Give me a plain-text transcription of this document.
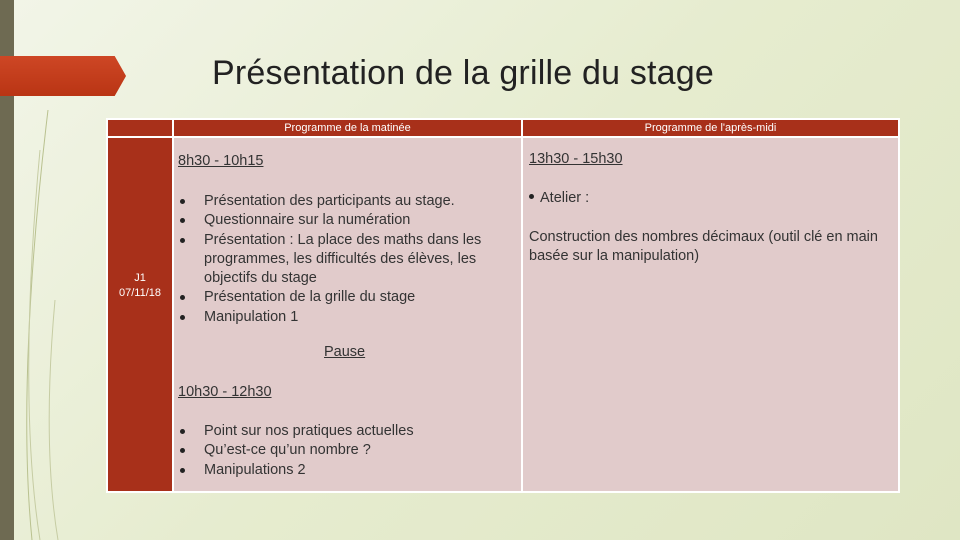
Présentation de la grille du stage
Programme de la matinée	Programme de l'après-midi
J1
07/11/18
8h30 - 10h15
Présentation des participants au stage.
Questionnaire sur la numération
Présentation : La place des maths dans les programmes, les difficultés des élèves, les objectifs du stage
Présentation de la grille du stage
Manipulation 1
Pause
10h30 - 12h30
Point sur nos pratiques actuelles
Qu’est-ce qu’un nombre ?
Manipulations 2
13h30 - 15h30
Atelier :
Construction des nombres décimaux (outil clé en main basée sur la manipulation)
